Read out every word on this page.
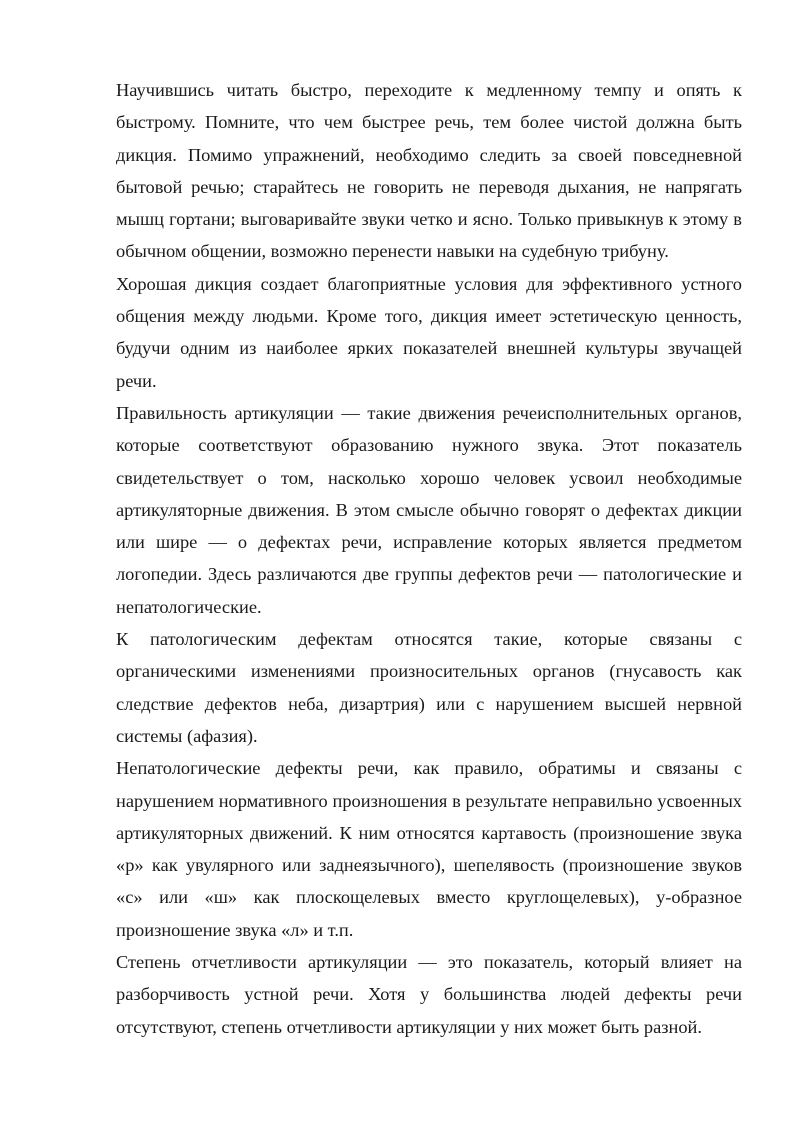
Научившись читать быстро, переходите к медленному темпу и опять к быстрому. Помните, что чем быстрее речь, тем более чистой должна быть дикция. Помимо упражнений, необходимо следить за своей повседневной бытовой речью; старайтесь не говорить не переводя дыхания, не напрягать мышц гортани; выговаривайте звуки четко и ясно. Только привыкнув к этому в обычном общении, возможно перенести навыки на судебную трибуну.

Хорошая дикция создает благоприятные условия для эффективного устного общения между людьми. Кроме того, дикция имеет эстетическую ценность, будучи одним из наиболее ярких показателей внешней культуры звучащей речи.

Правильность артикуляции — такие движения речеисполнительных органов, которые соответствуют образованию нужного звука. Этот показатель свидетельствует о том, насколько хорошо человек усвоил необходимые артикуляторные движения. В этом смысле обычно говорят о дефектах дикции или шире — о дефектах речи, исправление которых является предметом логопедии. Здесь различаются две группы дефектов речи — патологические и непатологические.

К патологическим дефектам относятся такие, которые связаны с органическими изменениями произносительных органов (гнусавость как следствие дефектов неба, дизартрия) или с нарушением высшей нервной системы (афазия).

Непатологические дефекты речи, как правило, обратимы и связаны с нарушением нормативного произношения в результате неправильно усвоенных артикуляторных движений. К ним относятся картавость (произношение звука «р» как увулярного или заднеязычного), шепелявость (произношение звуков «с» или «ш» как плоскощелевых вместо круглощелевых), у-образное произношение звука «л» и т.п.

Степень отчетливости артикуляции — это показатель, который влияет на разборчивость устной речи. Хотя у большинства людей дефекты речи отсутствуют, степень отчетливости артикуляции у них может быть разной.
